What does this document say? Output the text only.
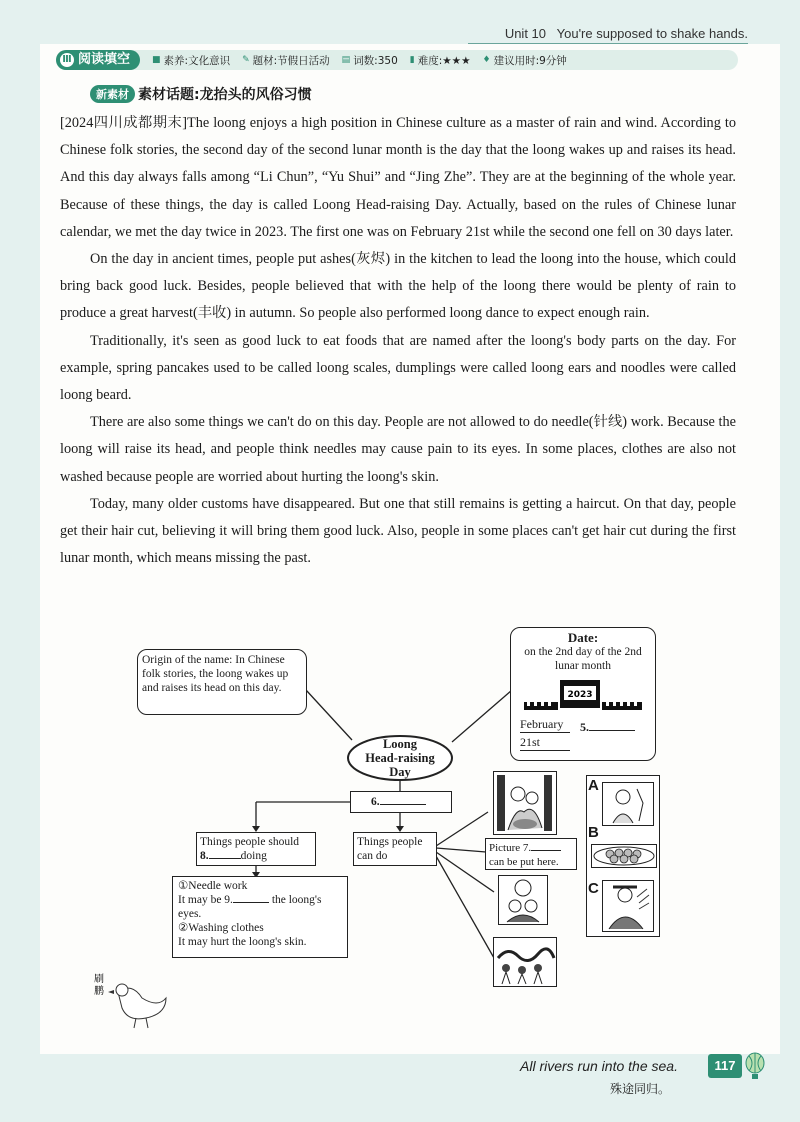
Unit 10 You're supposed to shake hands.
Ⅲ 阅读填空 ■ 素养:文化意识 ✎ 题材:节假日活动 ▤ 词数:350 ▮ 难度:★★★ ♦ 建议用时:9分钟
新素材 素材话题:龙抬头的风俗习惯

[2024四川成都期末]The loong enjoys a high position in Chinese culture as a master of rain and wind. According to Chinese folk stories, the second day of the second lunar month is the day that the loong wakes up and raises its head. And this day always falls among “Li Chun”, “Yu Shui” and “Jing Zhe”. They are at the beginning of the whole year. Because of these things, the day is called Loong Head-raising Day. Actually, based on the rules of Chinese lunar calendar, we met the day twice in 2023. The first one was on February 21st while the second one fell on 30 days later.

On the day in ancient times, people put ashes(灰烬) in the kitchen to lead the loong into the house, which could bring back good luck. Besides, people believed that with the help of the loong there would be plenty of rain to produce a great harvest(丰收) in autumn. So people also performed loong dance to expect enough rain.

Traditionally, it's seen as good luck to eat foods that are named after the loong's body parts on the day. For example, spring pancakes used to be called loong scales, dumplings were called loong ears and noodles were called loong beard.

There are also some things we can't do on this day. People are not allowed to do needle(针线) work. Because the loong will raise its head, and people think needles may cause pain to its eyes. In some places, clothes are also not washed because people are worried about hurting the loong's skin.

Today, many older customs have disappeared. But one that still remains is getting a haircut. On that day, people get their hair cut, believing it will bring them good luck. Also, people in some places can't get hair cut during the first lunar month, which means missing the past.

Origin of the name: In Chinese folk stories, the loong wakes up and raises its head on this day.
Date:
on the 2nd day of the 2nd lunar month
2023
February
21st
5.
Loong
Head-raising
Day
6.
Things people should
8.	doing
Things people
can do
Picture 7.
can be put here.
①Needle work
It may be 9.	the loong's
eyes.
②Washing clothes
It may hurt the loong's skin.
A
B
C
刷
鹏
All rivers run into the sea.
殊途同归。
117
